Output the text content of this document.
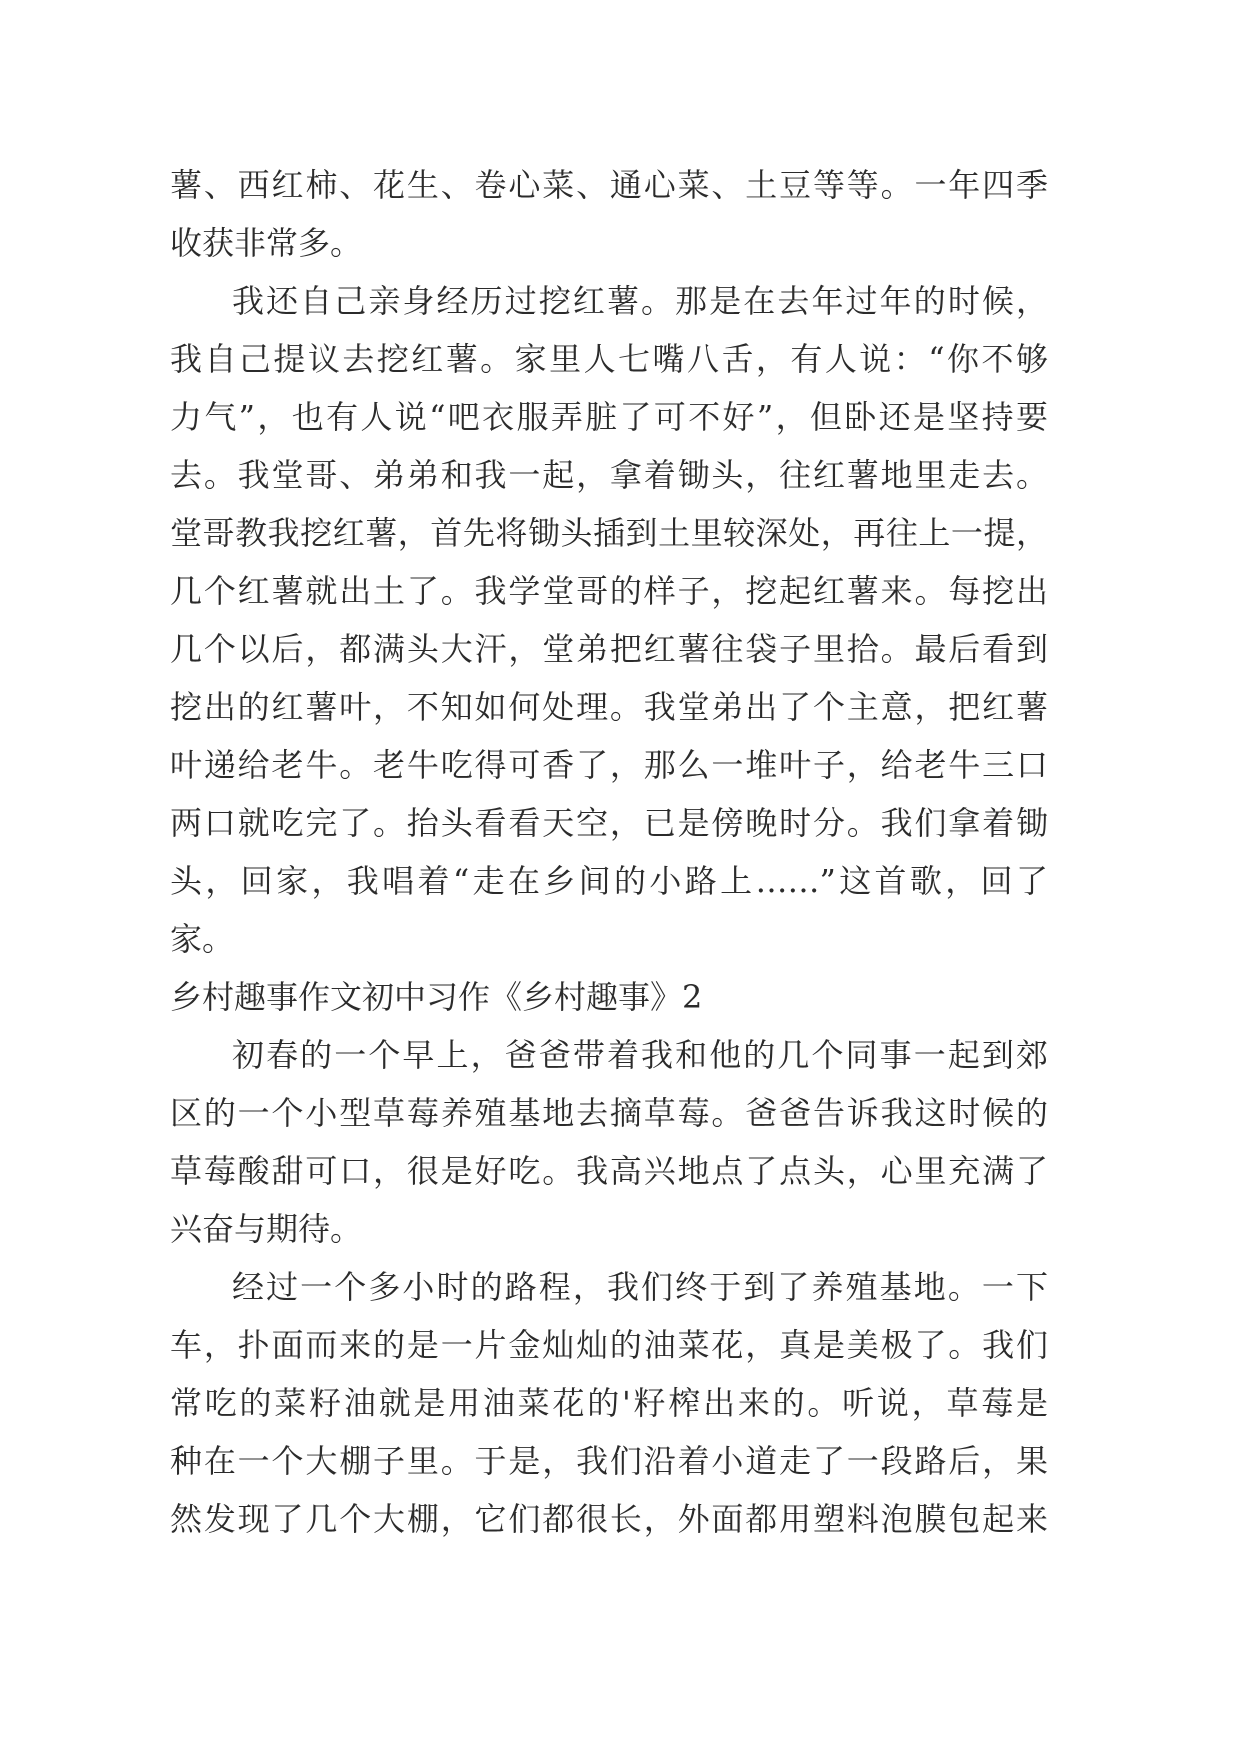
薯、西红柿、花生、卷心菜、通心菜、土豆等等。一年四季
收获非常多。
我还自己亲身经历过挖红薯。那是在去年过年的时候，
我自己提议去挖红薯。家里人七嘴八舌，有人说：“你不够
力气”，也有人说“吧衣服弄脏了可不好”，但卧还是坚持要
去。我堂哥、弟弟和我一起，拿着锄头，往红薯地里走去。
堂哥教我挖红薯，首先将锄头插到土里较深处，再往上一提，
几个红薯就出土了。我学堂哥的样子，挖起红薯来。每挖出
几个以后，都满头大汗，堂弟把红薯往袋子里拾。最后看到
挖出的红薯叶，不知如何处理。我堂弟出了个主意，把红薯
叶递给老牛。老牛吃得可香了，那么一堆叶子，给老牛三口
两口就吃完了。抬头看看天空，已是傍晚时分。我们拿着锄
头，回家，我唱着“走在乡间的小路上……”这首歌，回了
家。
乡村趣事作文初中习作《乡村趣事》2
初春的一个早上，爸爸带着我和他的几个同事一起到郊
区的一个小型草莓养殖基地去摘草莓。爸爸告诉我这时候的
草莓酸甜可口，很是好吃。我高兴地点了点头，心里充满了
兴奋与期待。
经过一个多小时的路程，我们终于到了养殖基地。一下
车，扑面而来的是一片金灿灿的油菜花，真是美极了。我们
常吃的菜籽油就是用油菜花的'籽榨出来的。听说，草莓是
种在一个大棚子里。于是，我们沿着小道走了一段路后，果
然发现了几个大棚，它们都很长，外面都用塑料泡膜包起来
